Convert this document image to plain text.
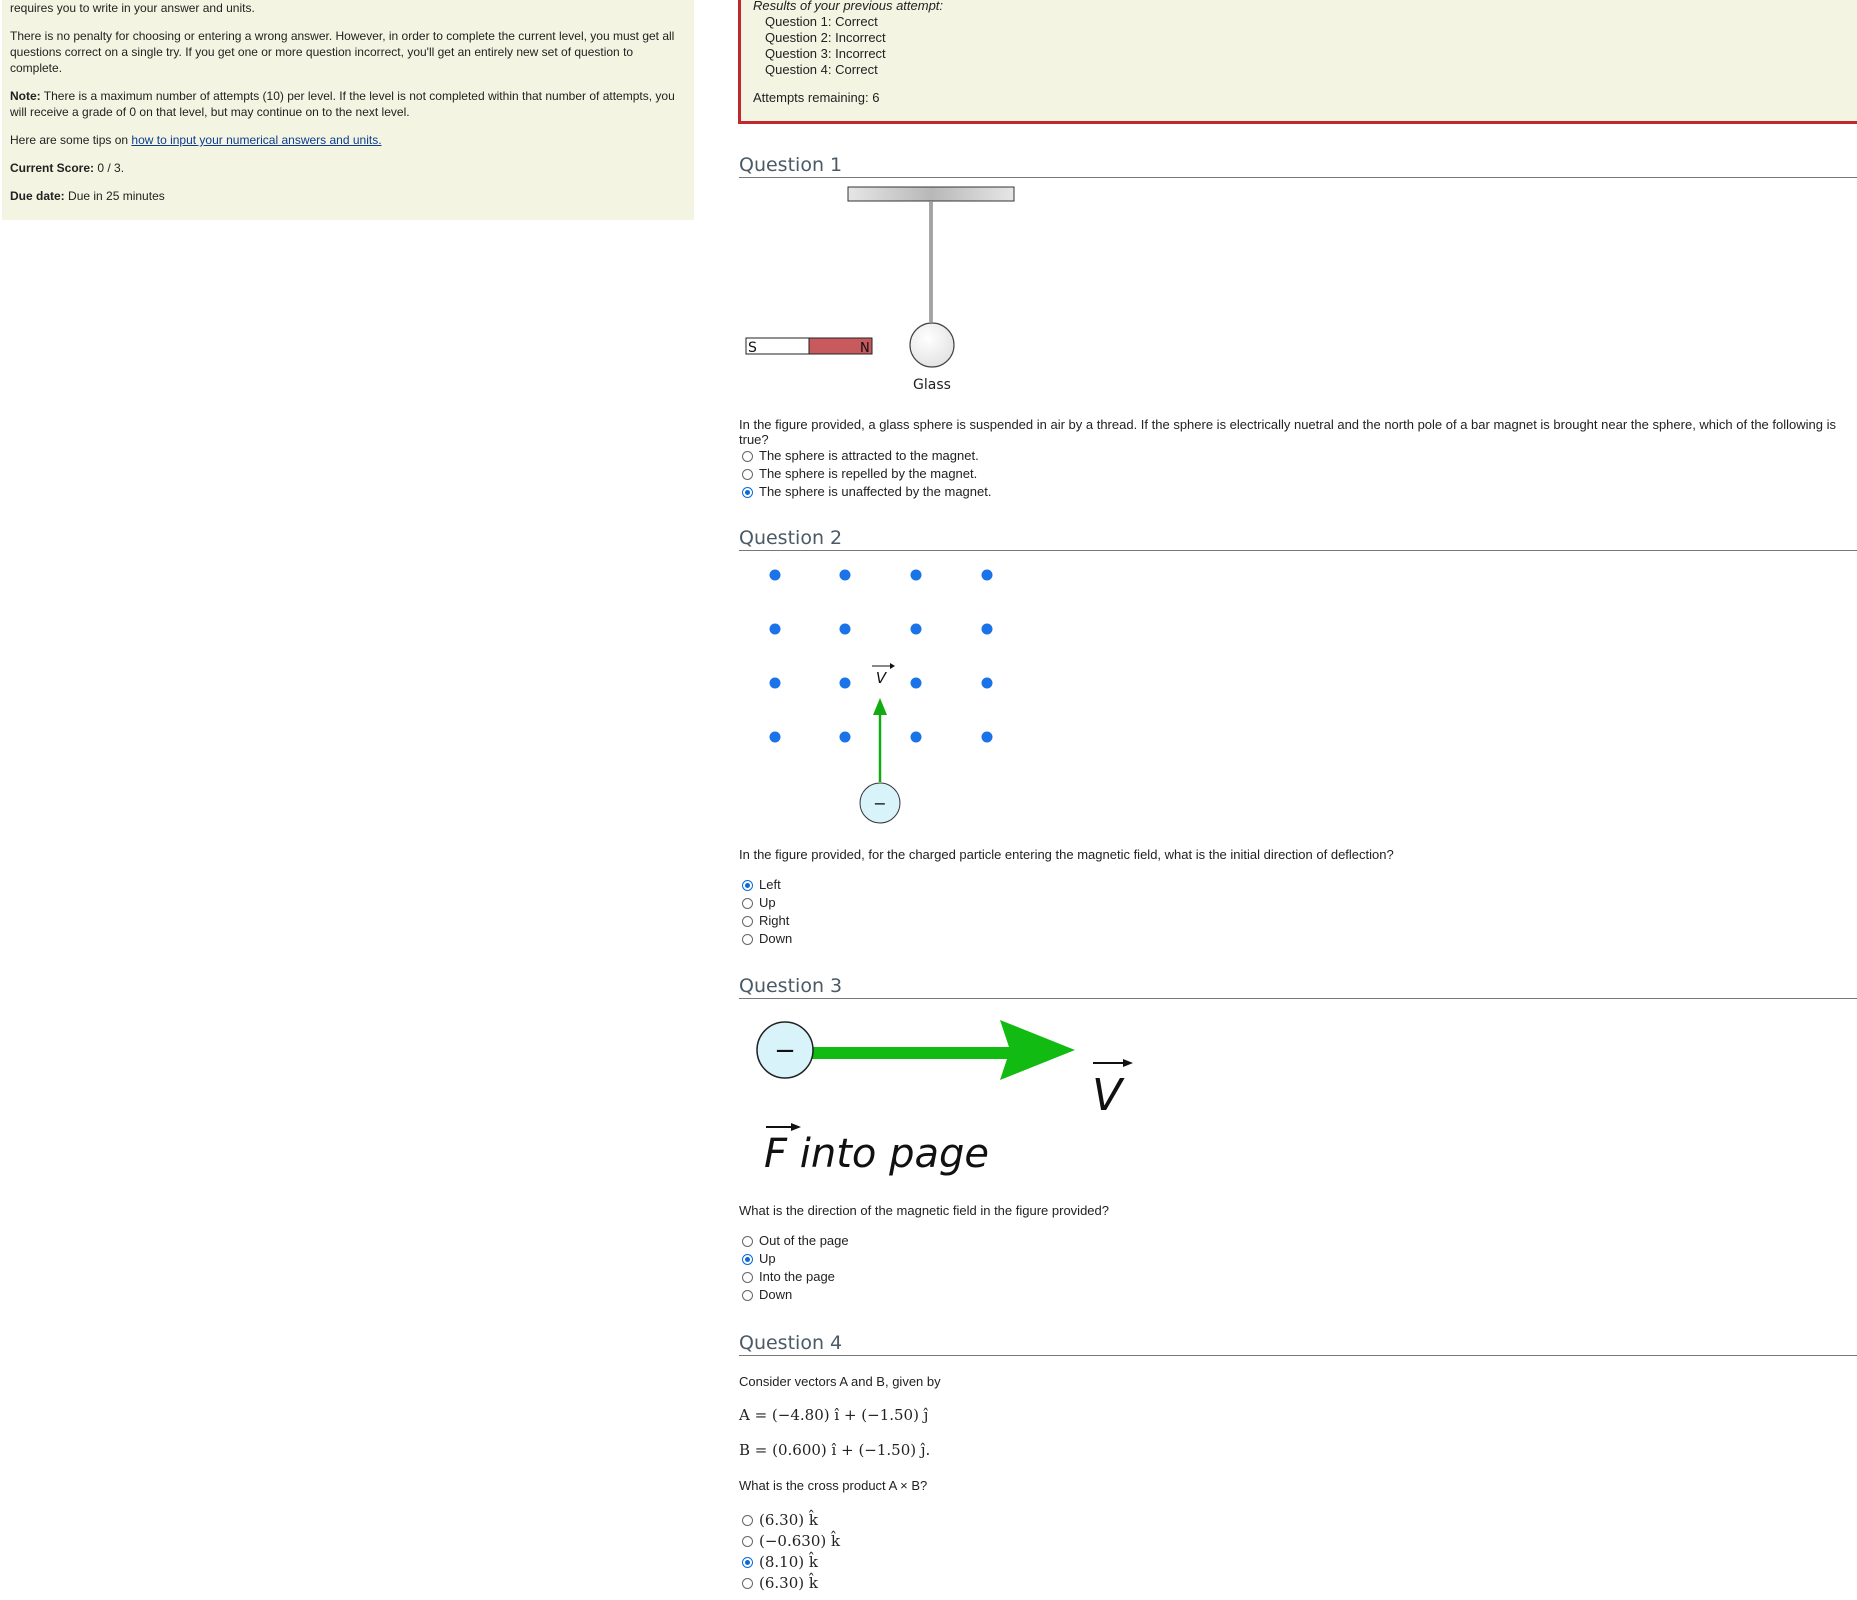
requires you to write in your answer and units.

There is no penalty for choosing or entering a wrong answer. However, in order to complete the current level, you must get all questions correct on a single try. If you get one or more question incorrect, you'll get an entirely new set of question to complete.

Note: There is a maximum number of attempts (10) per level. If the level is not completed within that number of attempts, you will receive a grade of 0 on that level, but may continue on to the next level.

Here are some tips on how to input your numerical answers and units.

Current Score: 0 / 3.

Due date: Due in 25 minutes

Results of your previous attempt:
Question 1: Correct
Question 2: Incorrect
Question 3: Incorrect
Question 4: Correct
Attempts remaining: 6
Question 1
S	N
Glass
In the figure provided, a glass sphere is suspended in air by a thread. If the sphere is electrically nuetral and the north pole of a bar magnet is brought near the sphere, which of the following is true?
The sphere is attracted to the magnet.
The sphere is repelled by the magnet.
The sphere is unaffected by the magnet.
Question 2
V
−
In the figure provided, for the charged particle entering the magnetic field, what is the initial direction of deflection?
Left
Up
Right
Down
Question 3
−
V
F into page
What is the direction of the magnetic field in the figure provided?
Out of the page
Up
Into the page
Down
Question 4
Consider vectors A and B, given by
A = (−4.80) î + (−1.50) ĵ
B = (0.600) î + (−1.50) ĵ.
What is the cross product A × B?
(6.30) k̂
(−0.630) k̂
(8.10) k̂
(6.30) k̂
